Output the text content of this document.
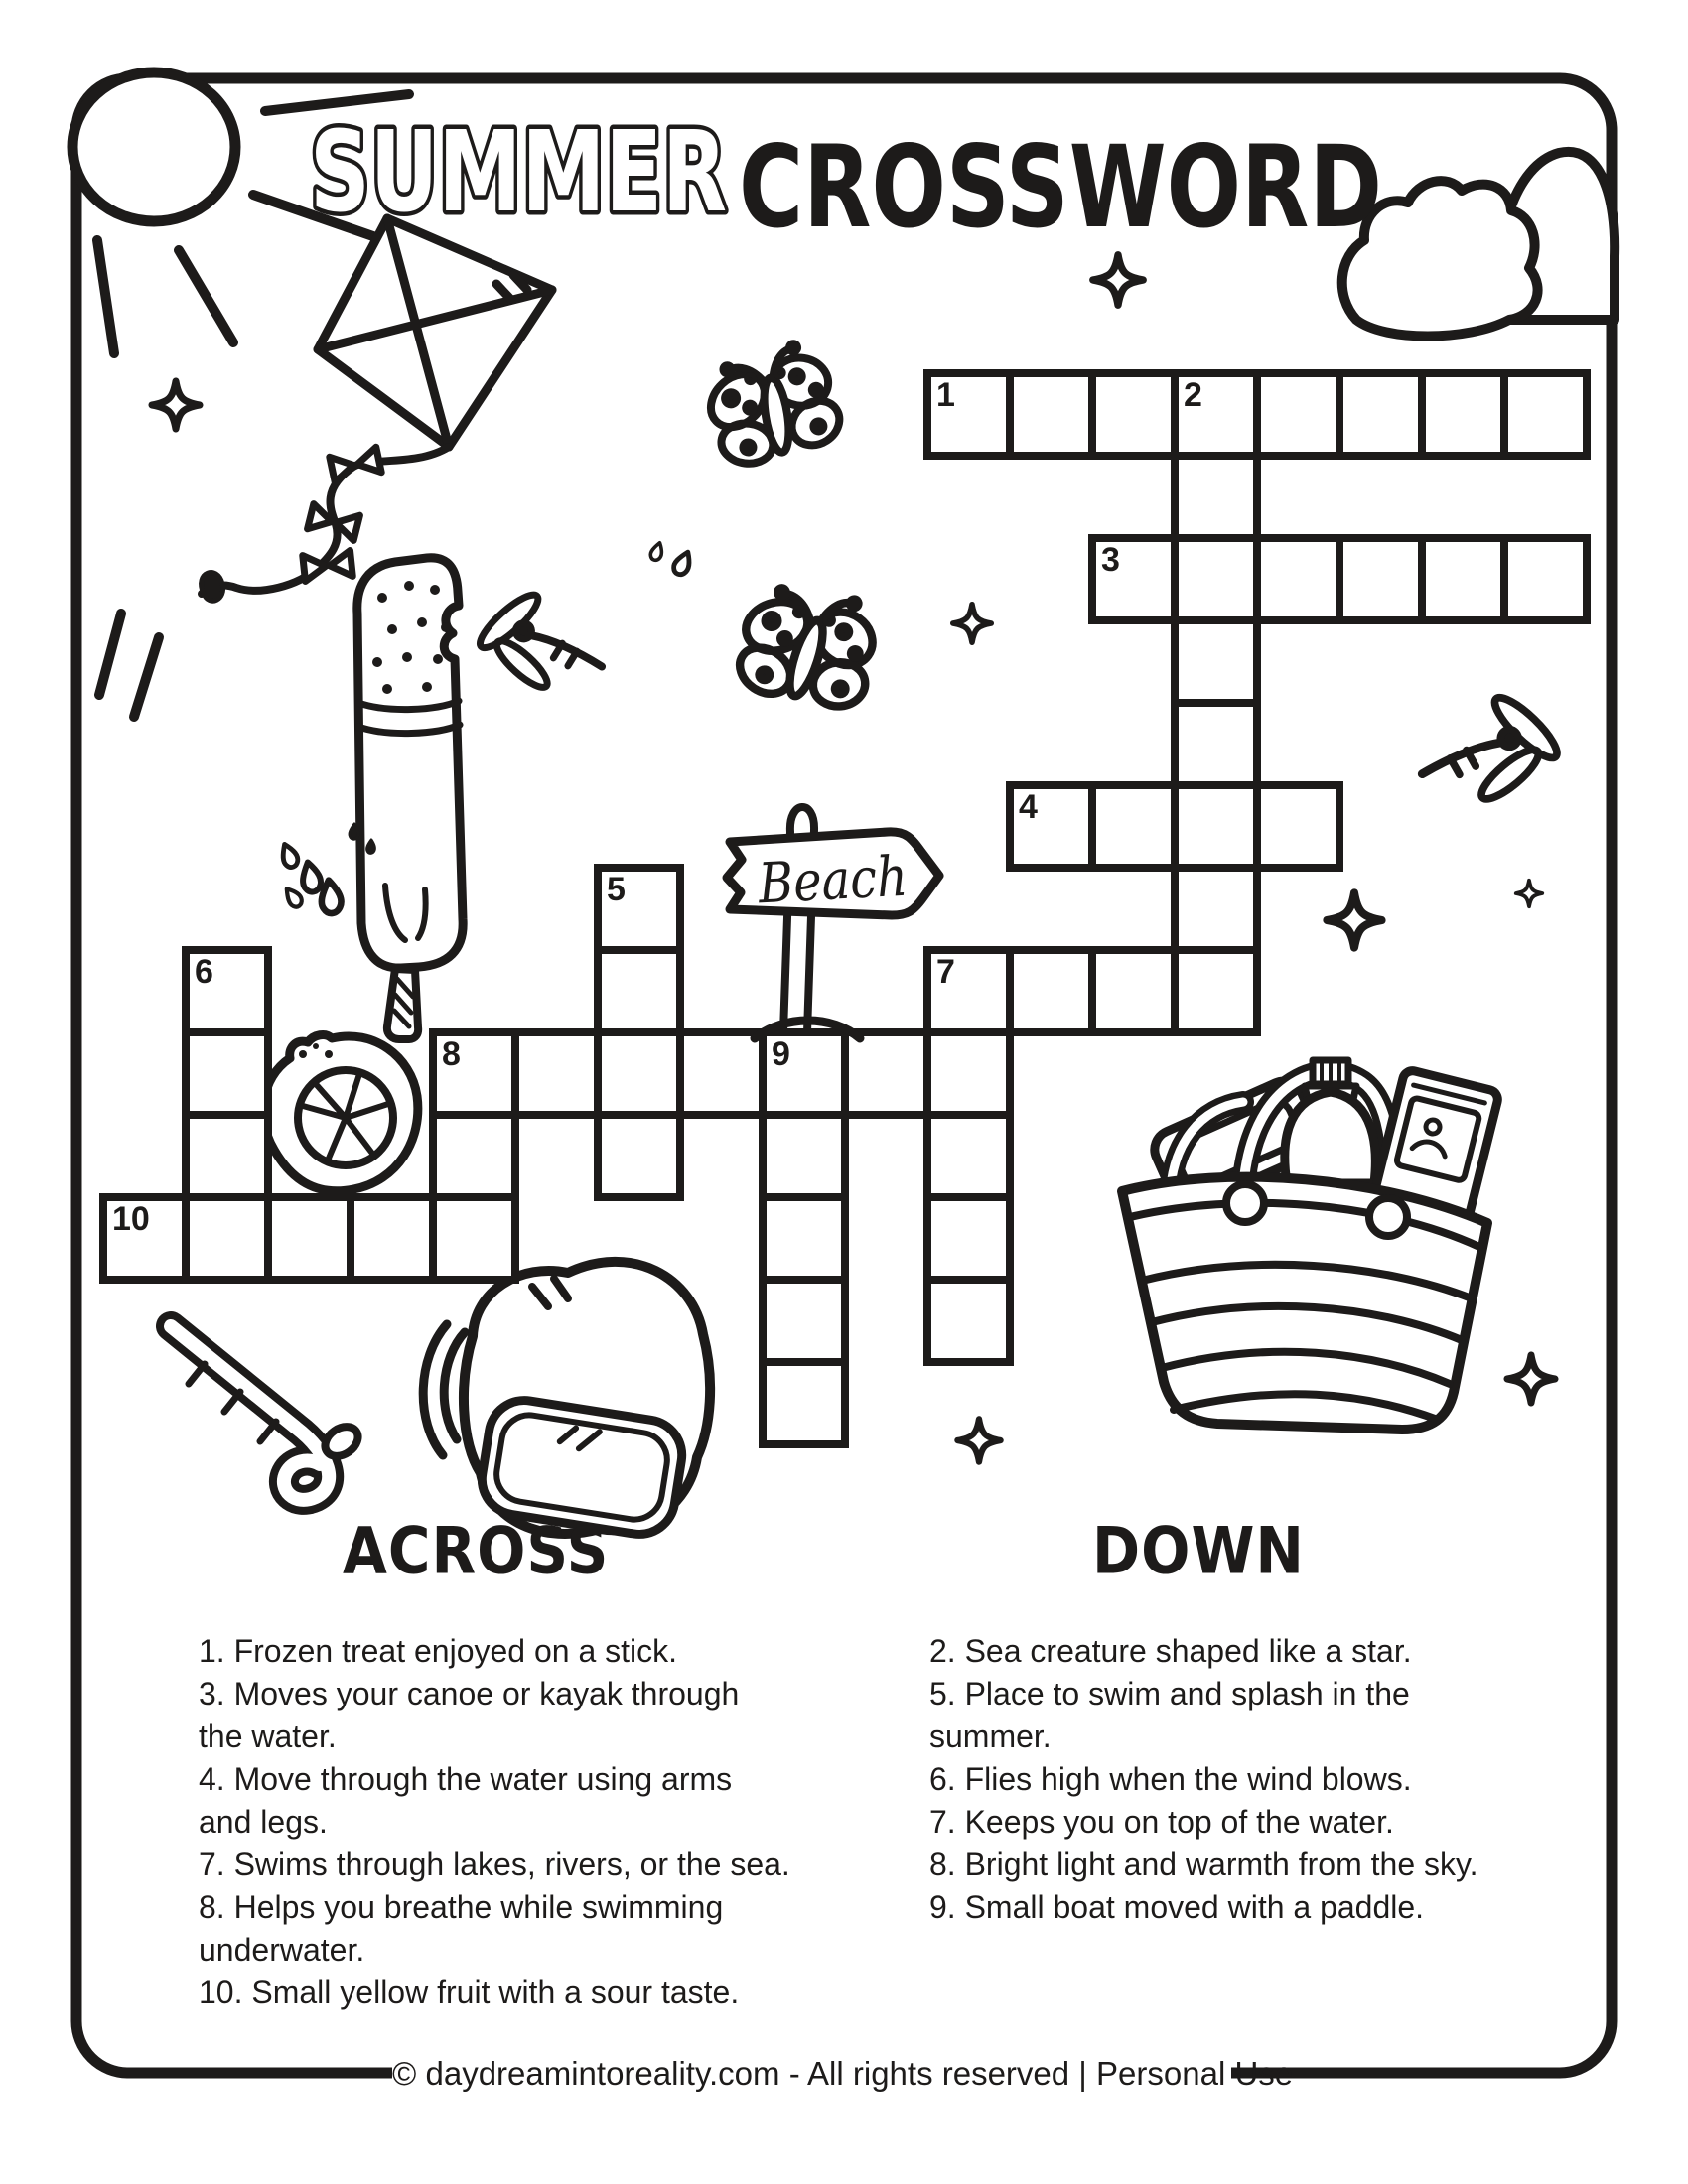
Beach
SUMMER CROSSWORD
1	2
3
4
5
6	7
8	9
10
ACROSS	DOWN
1. Frozen treat enjoyed on a stick.
3. Moves your canoe or kayak through
the water.
4. Move through the water using arms
and legs.
7. Swims through lakes, rivers, or the sea.
8. Helps you breathe while swimming
underwater.
10. Small yellow fruit with a sour taste.
2. Sea creature shaped like a star.
5. Place to swim and splash in the
summer.
6. Flies high when the wind blows.
7. Keeps you on top of the water.
8. Bright light and warmth from the sky.
9. Small boat moved with a paddle.
© daydreamintoreality.com - All rights reserved | Personal Use
